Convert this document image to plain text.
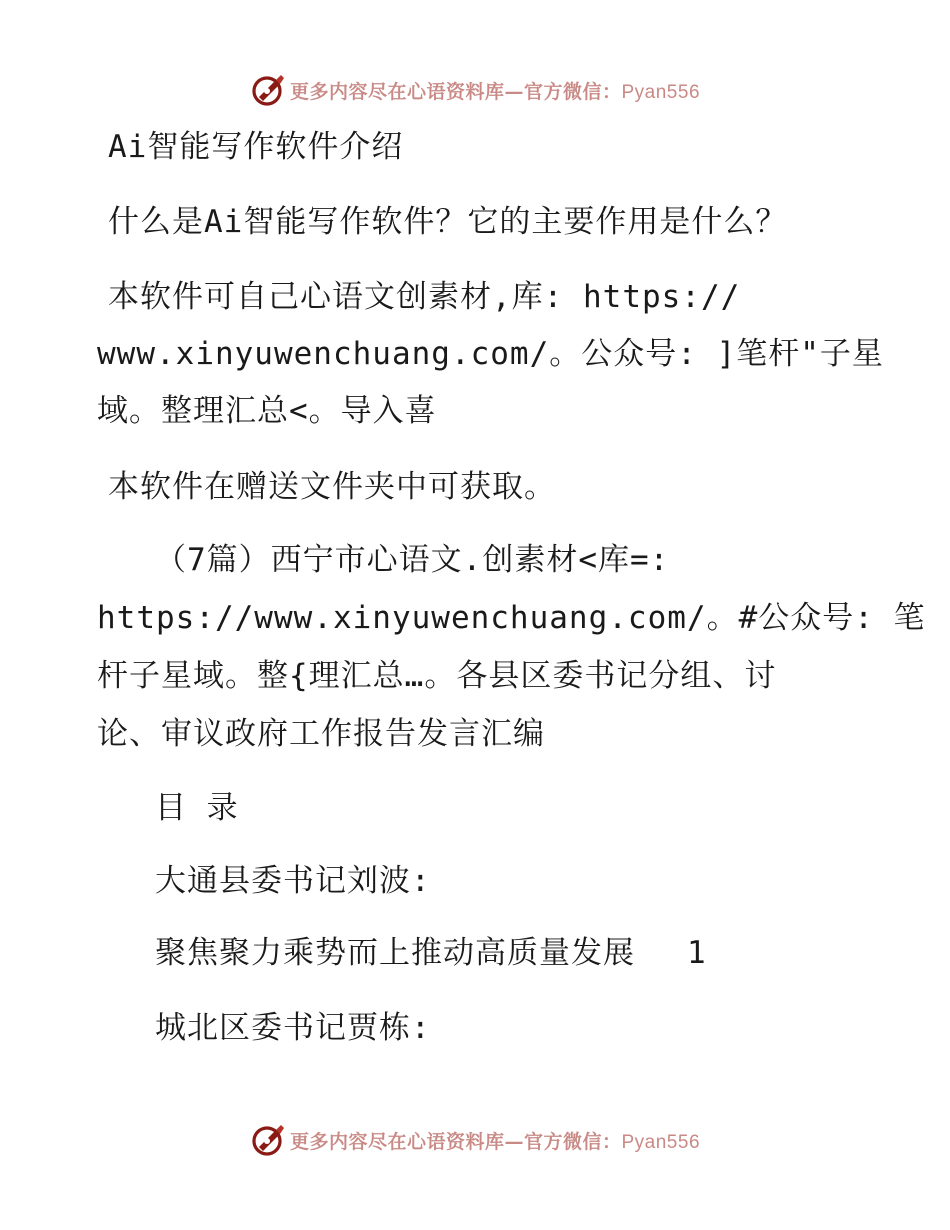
更多内容尽在心语资料库—官方微信：Pyan556
Ai智能写作软件介绍
什么是Ai智能写作软件？它的主要作用是什么？
本软件可自己心语文创素材,库: https://
www.xinyuwenchuang.com/。公众号: ]笔杆"子星
域。整理汇总<。导入喜
本软件在赠送文件夹中可获取。
（7篇）西宁市心语文.创素材<库=:
https://www.xinyuwenchuang.com/。#公众号: 笔
杆子星域。整{理汇总…。各县区委书记分组、讨
论、审议政府工作报告发言汇编
目 录
大通县委书记刘波:
聚焦聚力乘势而上推动高质量发展 1
城北区委书记贾栋:
更多内容尽在心语资料库—官方微信：Pyan556
